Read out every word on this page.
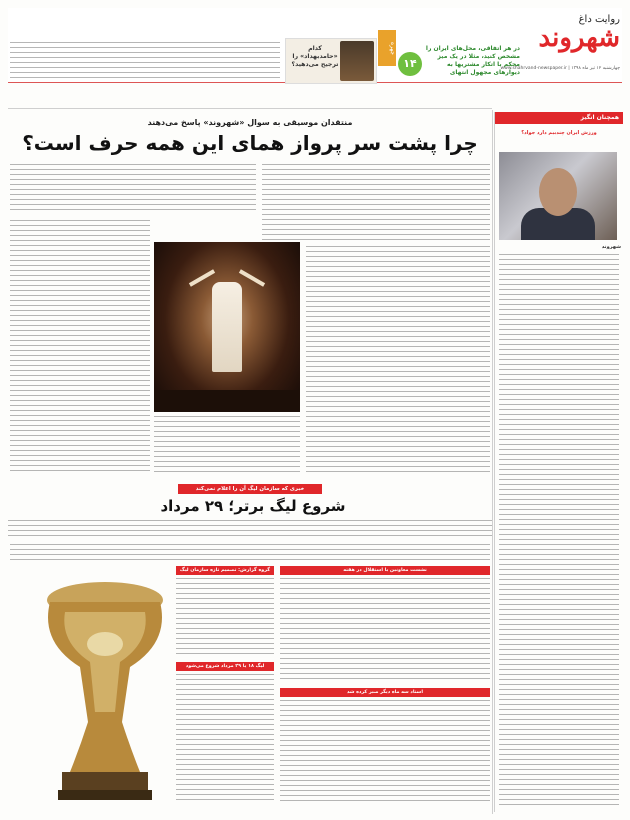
روایت داغ
شهروند
چهارشنبه ۱۲ تیر ماه ۱۳۹۸ | www.shahrvand-newspaper.ir
۱۴
در هر اتفاقی، محل‌های ایران را مشخص کنید، مثلا در یک میز محکم با اتکار مشتریها به دیوارهای مجهول انتهای
جهره
کدام «حامدبهداد» را ترجیح می‌دهید؟
منتقدان موسیقی به سوال «شهروند» پاسخ می‌دهند
چرا پشت سر پرواز همای این همه حرف است؟
خبری که سازمان لیگ آن را اعلام نمی‌کند
شروع لیگ برتر؛ ۲۹ مرداد
گروه گزارش: تصمیم تازه سازمان لیگ
لیگ ۱۸ یا ۲۹ مرداد شروع می‌شود
نشست معاونین با استقلال در هفته
استاد سه ماه دیگر صبر کرده شد
همچنان انگیز
ورزش ایران چندبیم دارد جواد؟
شهروند
